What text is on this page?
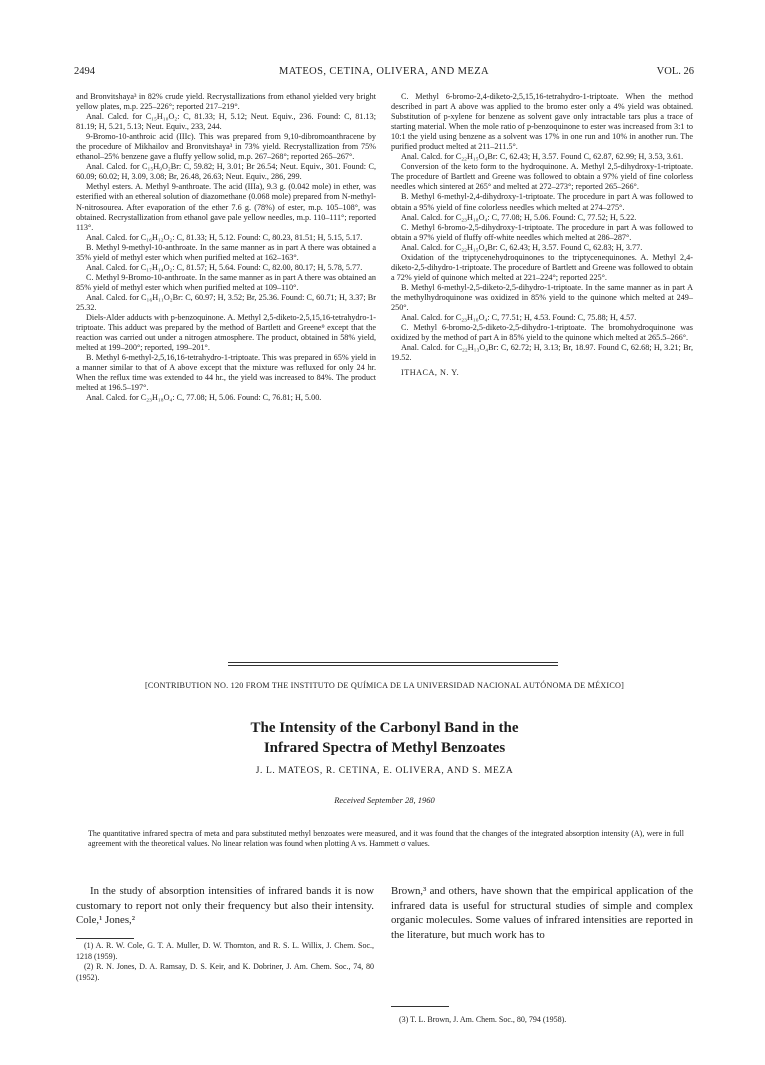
2494	MATEOS, CETINA, OLIVERA, AND MEZA	VOL. 26

and Bronvitshaya³ in 82% crude yield. Recrystallizations from ethanol yielded very bright yellow plates, m.p. 225–226°; reported 217–219°.

Anal. Calcd. for C₁₅H₁₀O₂: C, 81.33; H, 5.12; Neut. Equiv., 236. Found: C, 81.13; 81.19; H, 5.21, 5.13; Neut. Equiv., 233, 244.

9-Bromo-10-anthroic acid (IIIc). This was prepared from 9,10-dibromoanthracene by the procedure of Mikhailov and Bronvitshaya³ in 73% yield. Recrystallization from 75% ethanol–25% benzene gave a fluffy yellow solid, m.p. 267–268°; reported 265–267°.

Anal. Calcd. for C₁₅H₉O₂Br: C, 59.82; H, 3.01; Br 26.54; Neut. Equiv., 301. Found: C, 60.09; 60.02; H, 3.09, 3.08; Br, 26.48, 26.63; Neut. Equiv., 286, 299.

Methyl esters. A. Methyl 9-anthroate. The acid (IIIa), 9.3 g. (0.042 mole) in ether, was esterified with an ethereal solution of diazomethane (0.068 mole) prepared from N-methyl-N-nitrosourea. After evaporation of the ether 7.6 g. (78%) of ester, m.p. 105–108°, was obtained. Recrystallization from ethanol gave pale yellow needles, m.p. 110–111°; reported 113°.

Anal. Calcd. for C₁₆H₁₂O₂: C, 81.33; H, 5.12. Found: C, 80.23, 81.51; H, 5.15, 5.17.

B. Methyl 9-methyl-10-anthroate. In the same manner as in part A there was obtained a 35% yield of methyl ester which when purified melted at 162–163°.

Anal. Calcd. for C₁₇H₁₄O₂: C, 81.57; H, 5.64. Found: C, 82.00, 80.17; H, 5.78, 5.77.

C. Methyl 9-Bromo-10-anthroate. In the same manner as in part A there was obtained an 85% yield of methyl ester which when purified melted at 109–110°.

Anal. Calcd. for C₁₆H₁₁O₂Br: C, 60.97; H, 3.52; Br, 25.36. Found: C, 60.71; H, 3.37; Br 25.32.

Diels-Alder adducts with p-benzoquinone. A. Methyl 2,5-diketo-2,5,15,16-tetrahydro-1-triptoate. This adduct was prepared by the method of Bartlett and Greene⁹ except that the reaction was carried out under a nitrogen atmosphere. The product, obtained in 58% yield, melted at 199–200°; reported, 199–201°.

B. Methyl 6-methyl-2,5,16,16-tetrahydro-1-triptoate. This was prepared in 65% yield in a manner similar to that of A above except that the mixture was refluxed for only 24 hr. When the reflux time was extended to 44 hr., the yield was increased to 84%. The product melted at 196.5–197°.

Anal. Calcd. for C₂₃H₁₈O₄: C, 77.08; H, 5.06. Found: C, 76.81; H, 5.00.

C. Methyl 6-bromo-2,4-diketo-2,5,15,16-tetrahydro-1-triptoate. When the method described in part A above was applied to the bromo ester only a 4% yield was obtained. Substitution of p-xylene for benzene as solvent gave only intractable tars plus a trace of starting material. When the mole ratio of p-benzoquinone to ester was increased from 3:1 to 10:1 the yield using benzene as a solvent was 17% in one run and 10% in another run. The purified product melted at 211–211.5°.

Anal. Calcd. for C₂₂H₁₅O₄Br: C, 62.43; H, 3.57. Found C, 62.87, 62.99; H, 3.53, 3.61.

Conversion of the keto form to the hydroquinone. A. Methyl 2,5-dihydroxy-1-triptoate. The procedure of Bartlett and Greene was followed to obtain a 97% yield of fine colorless needles which sintered at 265° and melted at 272–273°; reported 265–266°.

B. Methyl 6-methyl-2,4-dihydroxy-1-triptoate. The procedure in part A was followed to obtain a 95% yield of fine colorless needles which melted at 274–275°.

Anal. Calcd. for C₂₃H₁₈O₄: C, 77.08; H, 5.06. Found: C, 77.52; H, 5.22.

C. Methyl 6-bromo-2,5-dihydroxy-1-triptoate. The procedure in part A was followed to obtain a 97% yield of fluffy off-white needles which melted at 286–287°.

Anal. Calcd. for C₂₂H₁₅O₄Br: C, 62.43; H, 3.57. Found C, 62.83; H, 3.77.

Oxidation of the triptycenehydroquinones to the triptycenequinones. A. Methyl 2,4-diketo-2,5-dihydro-1-triptoate. The procedure of Bartlett and Greene was followed to obtain a 72% yield of quinone which melted at 221–224°; reported 225°.

B. Methyl 6-methyl-2,5-diketo-2,5-dihydro-1-triptoate. In the same manner as in part A the methylhydroquinone was oxidized in 85% yield to the quinone which melted at 249–250°.

Anal. Calcd. for C₂₃H₁₆O₄: C, 77.51; H, 4.53. Found: C, 75.88; H, 4.57.

C. Methyl 6-bromo-2,5-diketo-2,5-dihydro-1-triptoate. The bromohydroquinone was oxidized by the method of part A in 85% yield to the quinone which melted at 265.5–266°.

Anal. Calcd. for C₂₂H₁₃O₄Br: C, 62.72; H, 3.13; Br, 18.97. Found C, 62.68; H, 3.21; Br, 19.52.

ITHACA, N. Y.

[CONTRIBUTION NO. 120 FROM THE INSTITUTO DE QUÍMICA DE LA UNIVERSIDAD NACIONAL AUTÓNOMA DE MÉXICO]
The Intensity of the Carbonyl Band in the
Infrared Spectra of Methyl Benzoates
J. L. MATEOS, R. CETINA, E. OLIVERA, AND S. MEZA
Received September 28, 1960
The quantitative infrared spectra of meta and para substituted methyl benzoates were measured, and it was found that the changes of the integrated absorption intensity (A), were in full agreement with the theoretical values. No linear relation was found when plotting A vs. Hammett σ values.

In the study of absorption intensities of infrared bands it is now customary to report not only their frequency but also their intensity. Cole,¹ Jones,²

Brown,³ and others, have shown that the empirical application of the infrared data is useful for structural studies of simple and complex organic molecules. Some values of infrared intensities are reported in the literature, but much work has to

(1) A. R. W. Cole, G. T. A. Muller, D. W. Thornton, and R. S. L. Willix, J. Chem. Soc., 1218 (1959).

(2) R. N. Jones, D. A. Ramsay, D. S. Keir, and K. Dobriner, J. Am. Chem. Soc., 74, 80 (1952).

(3) T. L. Brown, J. Am. Chem. Soc., 80, 794 (1958).
